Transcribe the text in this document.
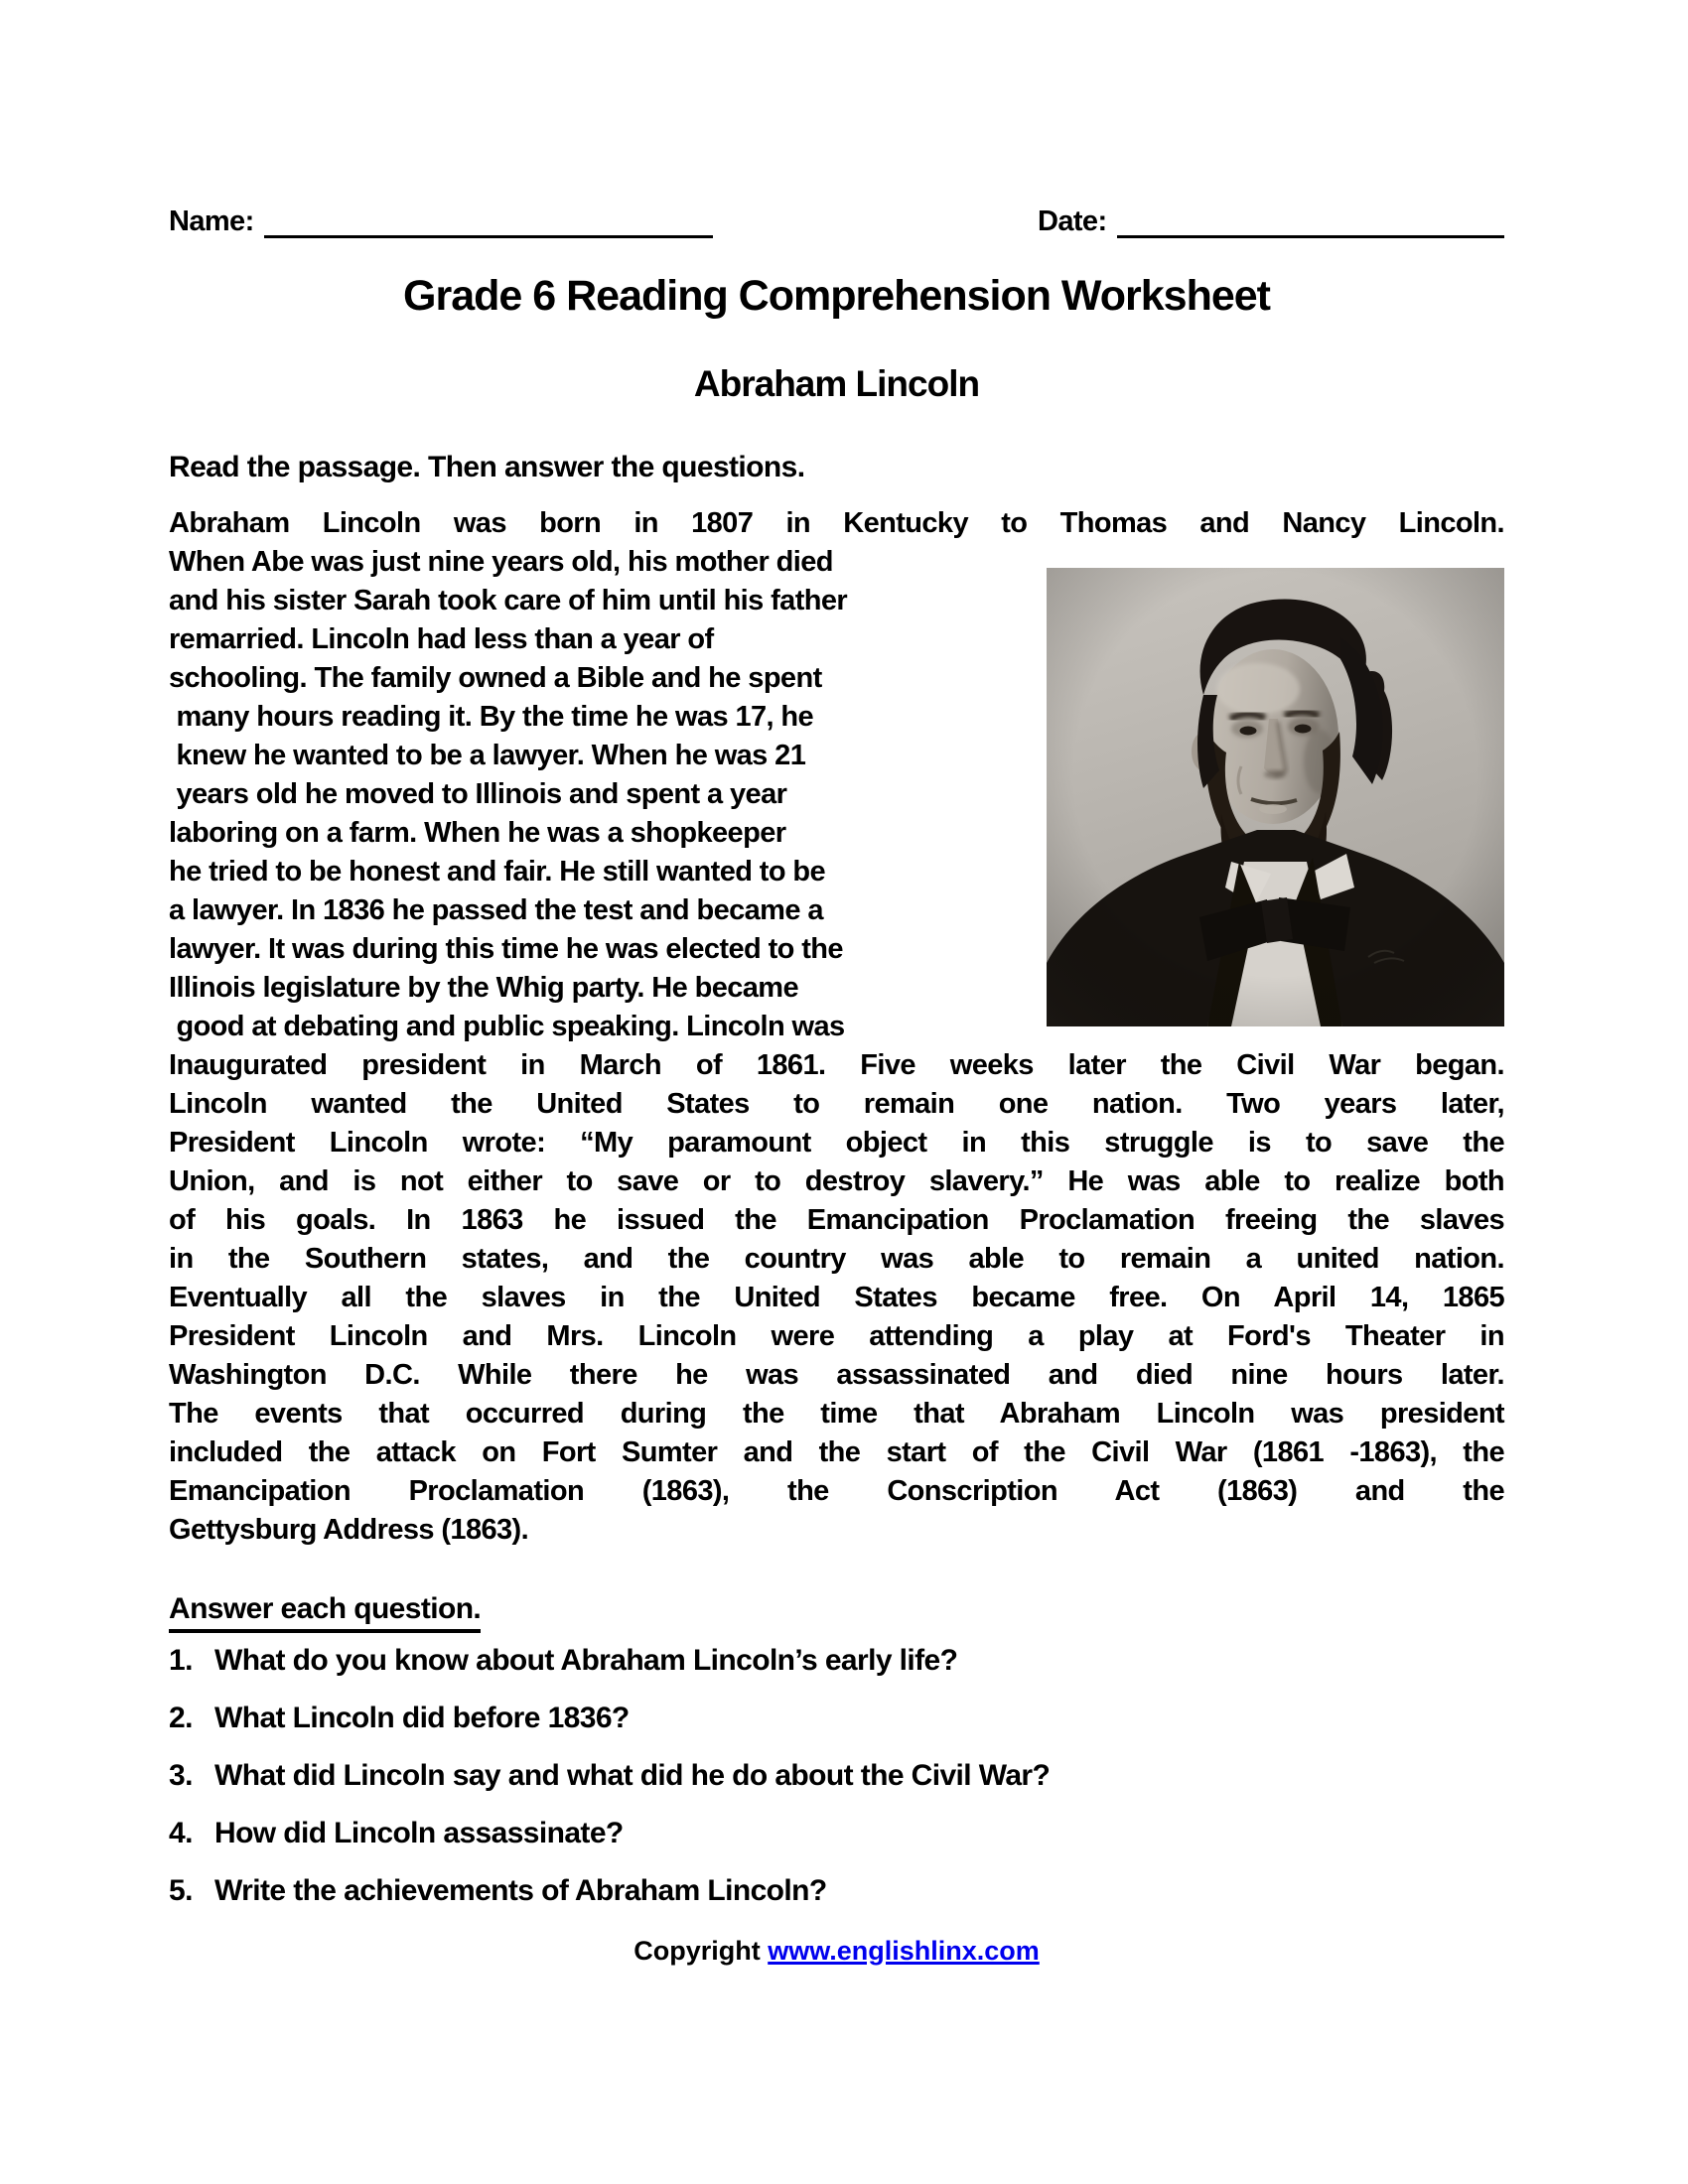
Name:	Date:
Grade 6 Reading Comprehension Worksheet
Abraham Lincoln
Read the passage. Then answer the questions.
Abraham Lincoln was born in 1807 in Kentucky to Thomas and Nancy Lincoln.
When Abe was just nine years old, his mother died
and his sister Sarah took care of him until his father
remarried. Lincoln had less than a year of
schooling. The family owned a Bible and he spent
many hours reading it. By the time he was 17, he
knew he wanted to be a lawyer. When he was 21
years old he moved to Illinois and spent a year
laboring on a farm. When he was a shopkeeper
he tried to be honest and fair. He still wanted to be
a lawyer. In 1836 he passed the test and became a
lawyer. It was during this time he was elected to the
Illinois legislature by the Whig party. He became
good at debating and public speaking. Lincoln was
Inaugurated president in March of 1861. Five weeks later the Civil War began.
Lincoln wanted the United States to remain one nation. Two years later,
President Lincoln wrote: “My paramount object in this struggle is to save the
Union, and is not either to save or to destroy slavery.” He was able to realize both
of his goals. In 1863 he issued the Emancipation Proclamation freeing the slaves
in the Southern states, and the country was able to remain a united nation.
Eventually all the slaves in the United States became free. On April 14, 1865
President Lincoln and Mrs. Lincoln were attending a play at Ford's Theater in
Washington D.C. While there he was assassinated and died nine hours later.
The events that occurred during the time that Abraham Lincoln was president
included the attack on Fort Sumter and the start of the Civil War (1861 -1863), the
Emancipation Proclamation (1863), the Conscription Act (1863) and the
Gettysburg Address (1863).
Answer each question.
1. What do you know about Abraham Lincoln’s early life?
2. What Lincoln did before 1836?
3. What did Lincoln say and what did he do about the Civil War?
4. How did Lincoln assassinate?
5. Write the achievements of Abraham Lincoln?
Copyright www.englishlinx.com
